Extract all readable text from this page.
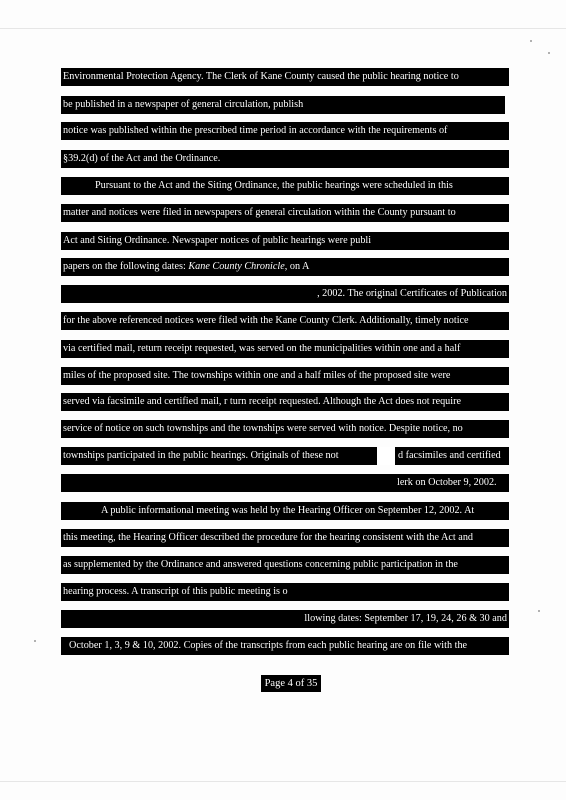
Environmental Protection Agency. The Clerk of Kane County caused the public hearing notice to
be published in a newspaper of general circulation, publish
notice was published within the prescribed time period in accordance with the requirements of
§39.2(d) of the Act and the Ordinance.
Pursuant to the Act and the Siting Ordinance, the public hearings were scheduled in this
matter and notices were filed in newspapers of general circulation within the County pursuant to
Act and Siting Ordinance. Newspaper notices of public hearings were publi
papers on the following dates: Kane County Chronicle, on A
, 2002. The original Certificates of Publication
for the above referenced notices were filed with the Kane County Clerk. Additionally, timely notice
via certified mail, return receipt requested, was served on the municipalities within one and a half
miles of the proposed site. The townships within one and a half miles of the proposed site were
served via facsimile and certified mail, r turn receipt requested. Although the Act does not require
service of notice on such townships and the townships were served with notice. Despite notice, no
townships participated in the public hearings. Originals of these not	d facsimiles and certified
lerk on October 9, 2002.
A public informational meeting was held by the Hearing Officer on September 12, 2002. At
this meeting, the Hearing Officer described the procedure for the hearing consistent with the Act and
as supplemented by the Ordinance and answered questions concerning public participation in the
hearing process. A transcript of this public meeting is o
llowing dates: September 17, 19, 24, 26 & 30 and
October 1, 3, 9 & 10, 2002. Copies of the transcripts from each public hearing are on file with the
Page 4 of 35
